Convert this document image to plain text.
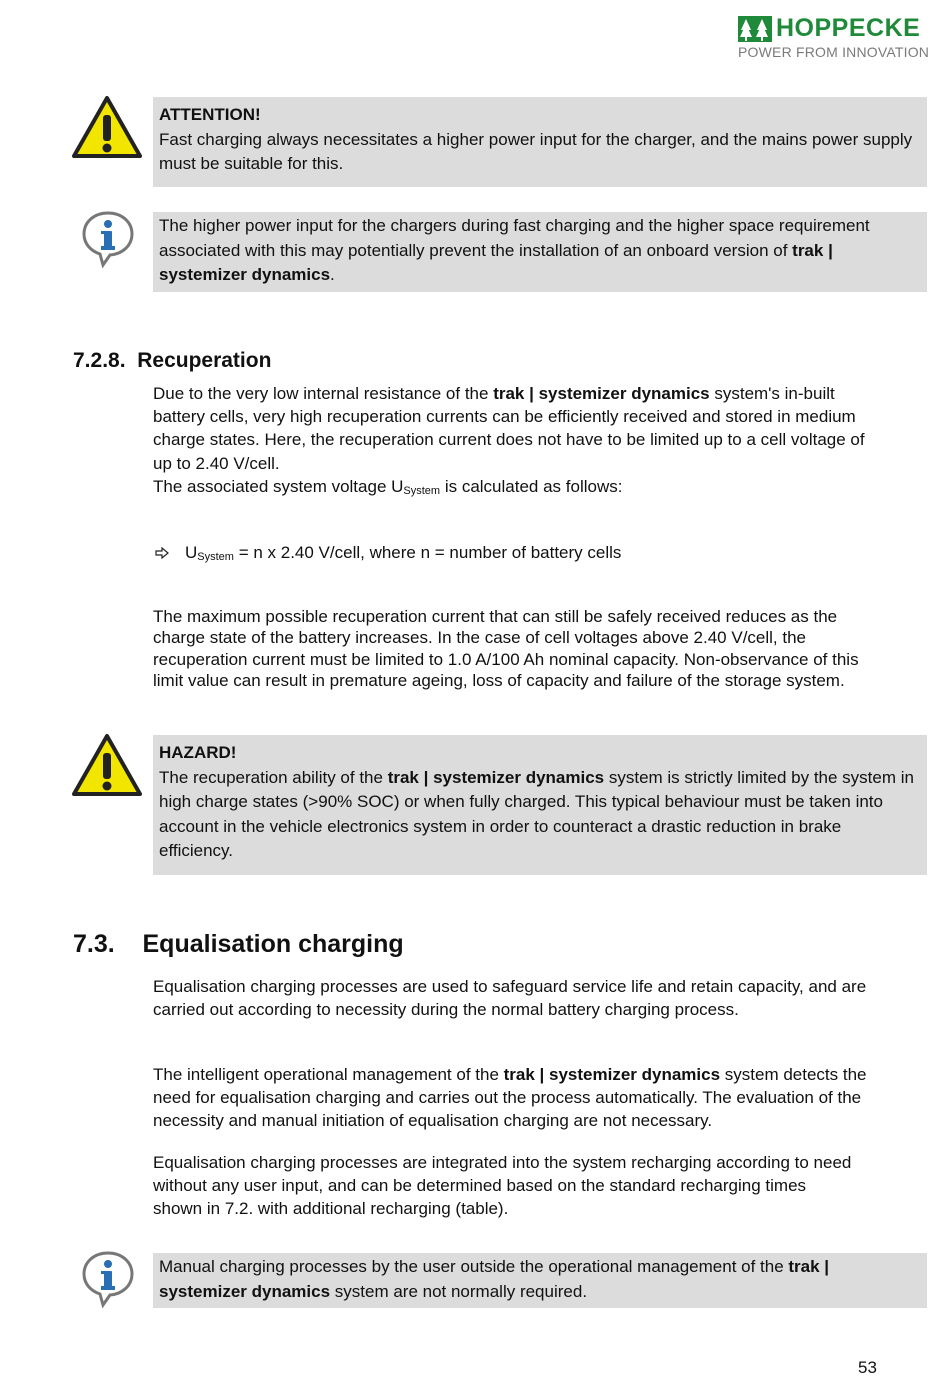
HOPPECKE
POWER FROM INNOVATION
ATTENTION!
Fast charging always necessitates a higher power input for the charger, and the mains power supply must be suitable for this.
The higher power input for the chargers during fast charging and the higher space requirement associated with this may potentially prevent the installation of an onboard version of trak | systemizer dynamics.
7.2.8. Recuperation
Due to the very low internal resistance of the trak | systemizer dynamics system's in-built battery cells, very high recuperation currents can be efficiently received and stored in medium charge states. Here, the recuperation current does not have to be limited up to a cell voltage of up to 2.40 V/cell.
The associated system voltage $U_{System}$ is calculated as follows:
$U_{System} = n$ x 2.40 V/cell, where n = number of battery cells
The maximum possible recuperation current that can still be safely received reduces as the charge state of the battery increases. In the case of cell voltages above 2.40 V/cell, the recuperation current must be limited to 1.0 A/100 Ah nominal capacity. Non-observance of this limit value can result in premature ageing, loss of capacity and failure of the storage system.
HAZARD!
The recuperation ability of the trak | systemizer dynamics system is strictly limited by the system in high charge states (>90% SOC) or when fully charged. This typical behaviour must be taken into account in the vehicle electronics system in order to counteract a drastic reduction in brake efficiency.
7.3. Equalisation charging
Equalisation charging processes are used to safeguard service life and retain capacity, and are carried out according to necessity during the normal battery charging process.
The intelligent operational management of the trak | systemizer dynamics system detects the need for equalisation charging and carries out the process automatically. The evaluation of the necessity and manual initiation of equalisation charging are not necessary.
Equalisation charging processes are integrated into the system recharging according to need without any user input, and can be determined based on the standard recharging times shown in 7.2. with additional recharging (table).
Manual charging processes by the user outside the operational management of the trak | systemizer dynamics system are not normally required.
53
